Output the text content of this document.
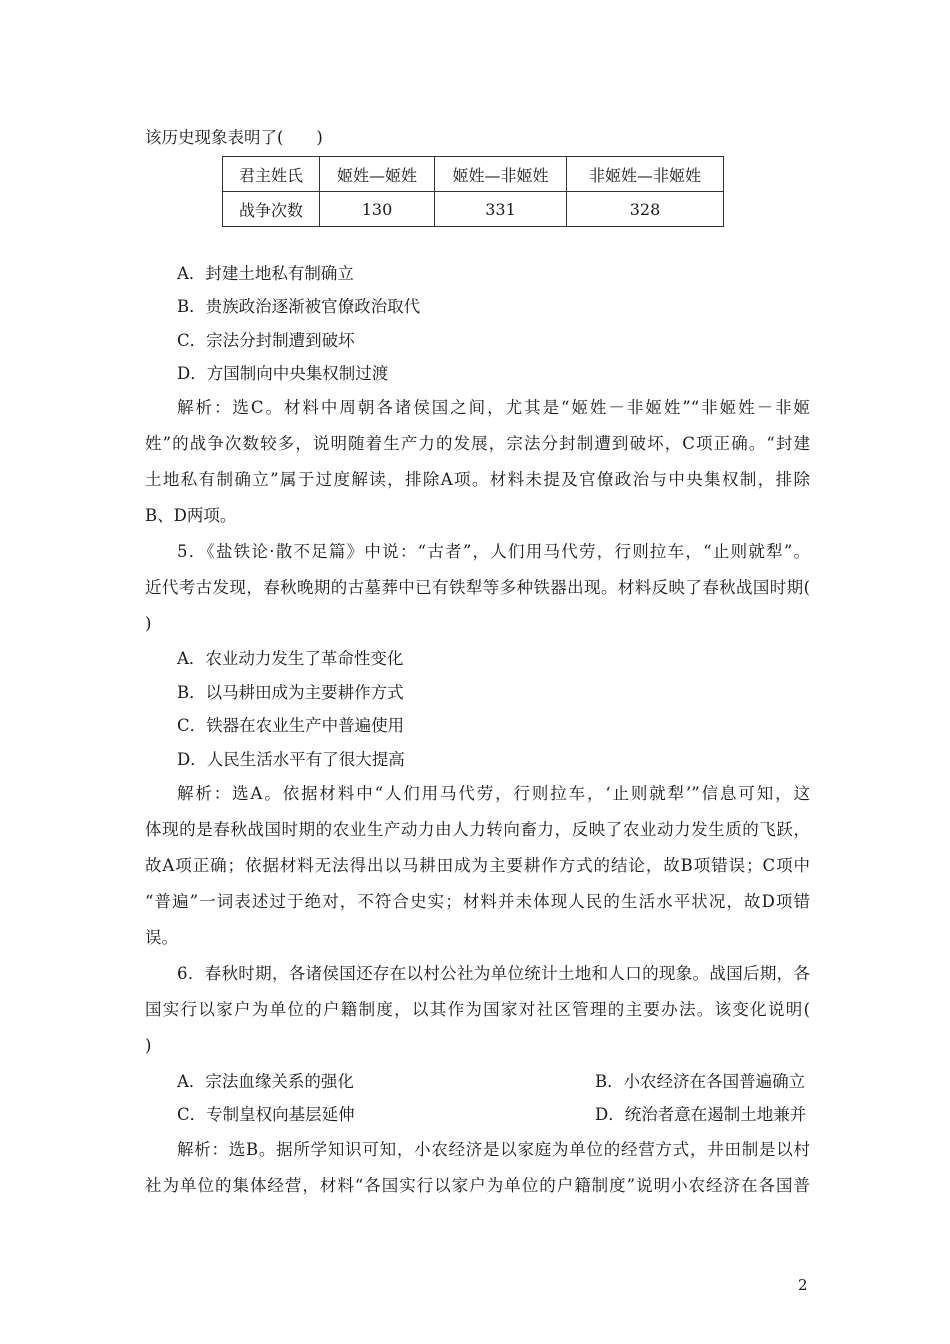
该历史现象表明了(　　)
君主姓氏	姬姓—姬姓	姬姓—非姬姓	非姬姓—非姬姓
战争次数	130	331	328
A．封建土地私有制确立
B．贵族政治逐渐被官僚政治取代
C．宗法分封制遭到破坏
D．方国制向中央集权制过渡
解析：选C。材料中周朝各诸侯国之间，尤其是“姬姓－非姬姓”“非姬姓－非姬
姓”的战争次数较多，说明随着生产力的发展，宗法分封制遭到破坏，C项正确。“封建
土地私有制确立”属于过度解读，排除A项。材料未提及官僚政治与中央集权制，排除
B、D两项。
5．《盐铁论·散不足篇》中说：“古者”，人们用马代劳，行则拉车，“止则就犁”。
近代考古发现，春秋晚期的古墓葬中已有铁犁等多种铁器出现。材料反映了春秋战国时期(
)
A．农业动力发生了革命性变化
B．以马耕田成为主要耕作方式
C．铁器在农业生产中普遍使用
D．人民生活水平有了很大提高
解析：选A。依据材料中“人们用马代劳，行则拉车，‘止则就犁’”信息可知，这
体现的是春秋战国时期的农业生产动力由人力转向畜力，反映了农业动力发生质的飞跃，
故A项正确；依据材料无法得出以马耕田成为主要耕作方式的结论，故B项错误；C项中
“普遍”一词表述过于绝对，不符合史实；材料并未体现人民的生活水平状况，故D项错
误。
6．春秋时期，各诸侯国还存在以村公社为单位统计土地和人口的现象。战国后期，各
国实行以家户为单位的户籍制度，以其作为国家对社区管理的主要办法。该变化说明(
)
A．宗法血缘关系的强化	B．小农经济在各国普遍确立
C．专制皇权向基层延伸	D．统治者意在遏制土地兼并
解析：选B。据所学知识可知，小农经济是以家庭为单位的经营方式，井田制是以村
社为单位的集体经营，材料“各国实行以家户为单位的户籍制度”说明小农经济在各国普
2
